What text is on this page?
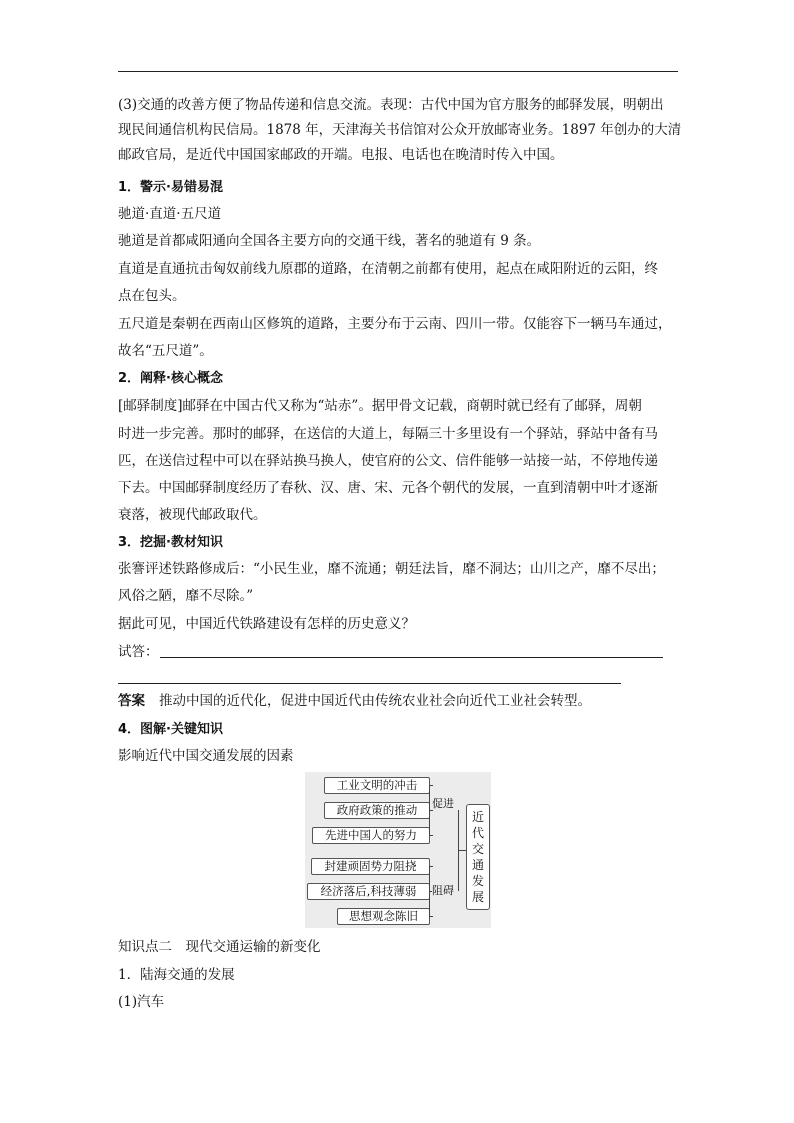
(3)交通的改善方便了物品传递和信息交流。表现：古代中国为官方服务的邮驿发展，明朝出
现民间通信机构民信局。1878 年，天津海关书信馆对公众开放邮寄业务。1897 年创办的大清
邮政官局，是近代中国国家邮政的开端。电报、电话也在晚清时传入中国。
1．警示·易错易混
驰道·直道·五尺道
驰道是首都咸阳通向全国各主要方向的交通干线，著名的驰道有 9 条。
直道是直通抗击匈奴前线九原郡的道路，在清朝之前都有使用，起点在咸阳附近的云阳，终
点在包头。
五尺道是秦朝在西南山区修筑的道路，主要分布于云南、四川一带。仅能容下一辆马车通过，
故名“五尺道”。
2．阐释·核心概念
[邮驿制度]邮驿在中国古代又称为“站赤”。据甲骨文记载，商朝时就已经有了邮驿，周朝
时进一步完善。那时的邮驿，在送信的大道上，每隔三十多里设有一个驿站，驿站中备有马
匹，在送信过程中可以在驿站换马换人，使官府的公文、信件能够一站接一站，不停地传递
下去。中国邮驿制度经历了春秋、汉、唐、宋、元各个朝代的发展，一直到清朝中叶才逐渐
衰落，被现代邮政取代。
3．挖掘·教材知识
张謇评述铁路修成后：“小民生业，靡不流通；朝廷法旨，靡不洞达；山川之产，靡不尽出；
风俗之陋，靡不尽除。”
据此可见，中国近代铁路建设有怎样的历史意义？
试答：
答案 推动中国的近代化，促进中国近代由传统农业社会向近代工业社会转型。
4．图解·关键知识
影响近代中国交通发展的因素
工业文明的冲击
政府政策的推动
先进中国人的努力
封建顽固势力阻挠
经济落后,科技薄弱
思想观念陈旧
促进
阻碍
近代交通发展
知识点二　现代交通运输的新变化
1．陆海交通的发展
(1)汽车
